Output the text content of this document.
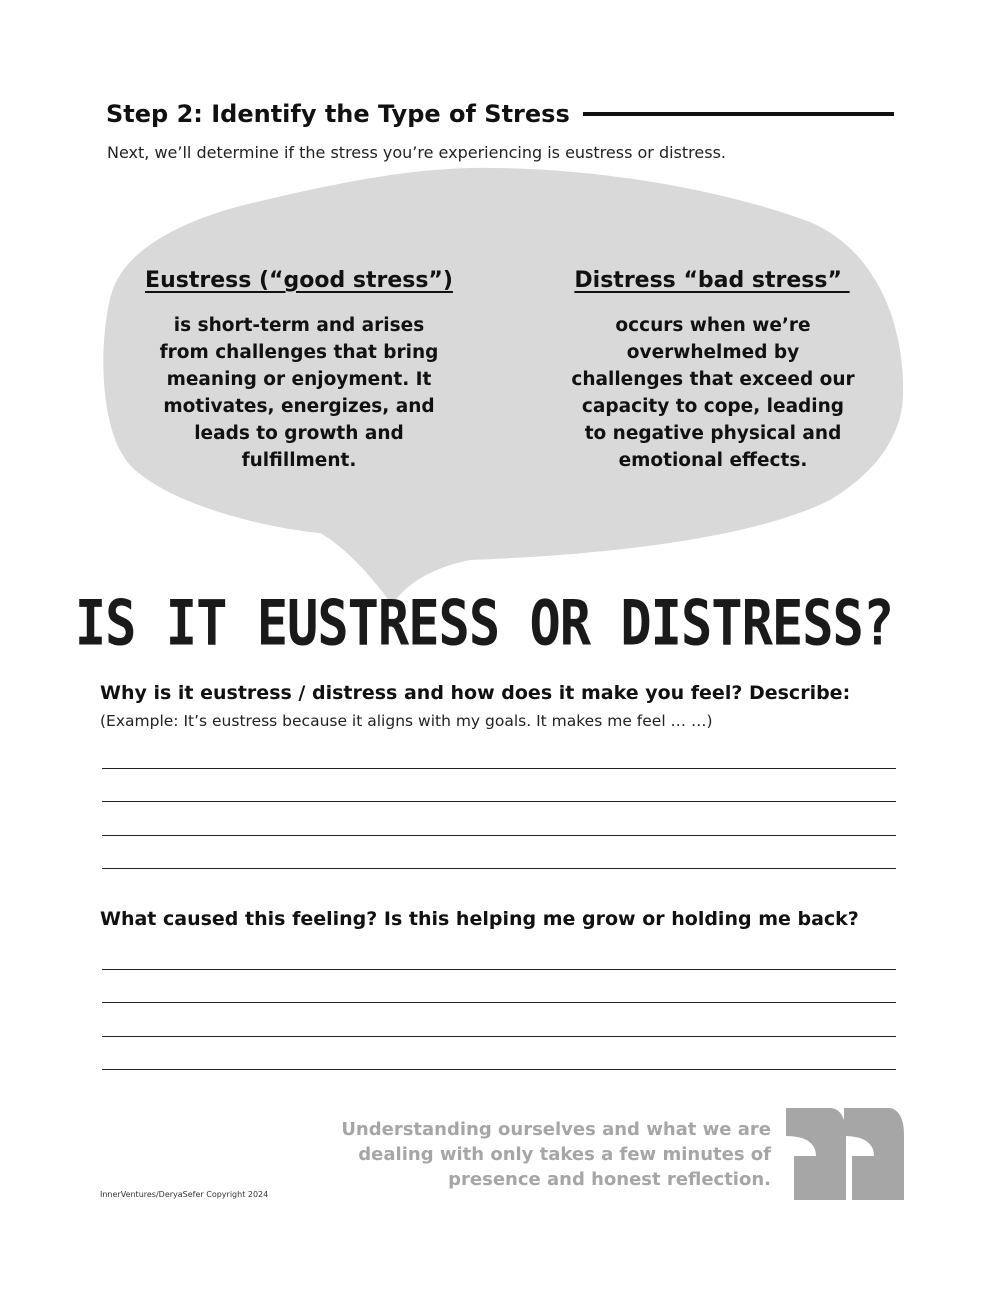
Step 2: Identify the Type of Stress

Next, we’ll determine if the stress you’re experiencing is eustress or distress.

Eustress (“good stress”)
is short-term and arises from challenges that bring meaning or enjoyment. It motivates, energizes, and leads to growth and fulfillment.
Distress “bad stress”
occurs when we’re overwhelmed by challenges that exceed our capacity to cope, leading to negative physical and emotional effects.
IS IT EUSTRESS OR DISTRESS?
Why is it eustress / distress and how does it make you feel? Describe:
(Example: It’s eustress because it aligns with my goals. It makes me feel … …)
What caused this feeling? Is this helping me grow or holding me back?
Understanding ourselves and what we are dealing with only takes a few minutes of presence and honest reflection.
InnerVentures/DeryaSefer Copyright 2024
